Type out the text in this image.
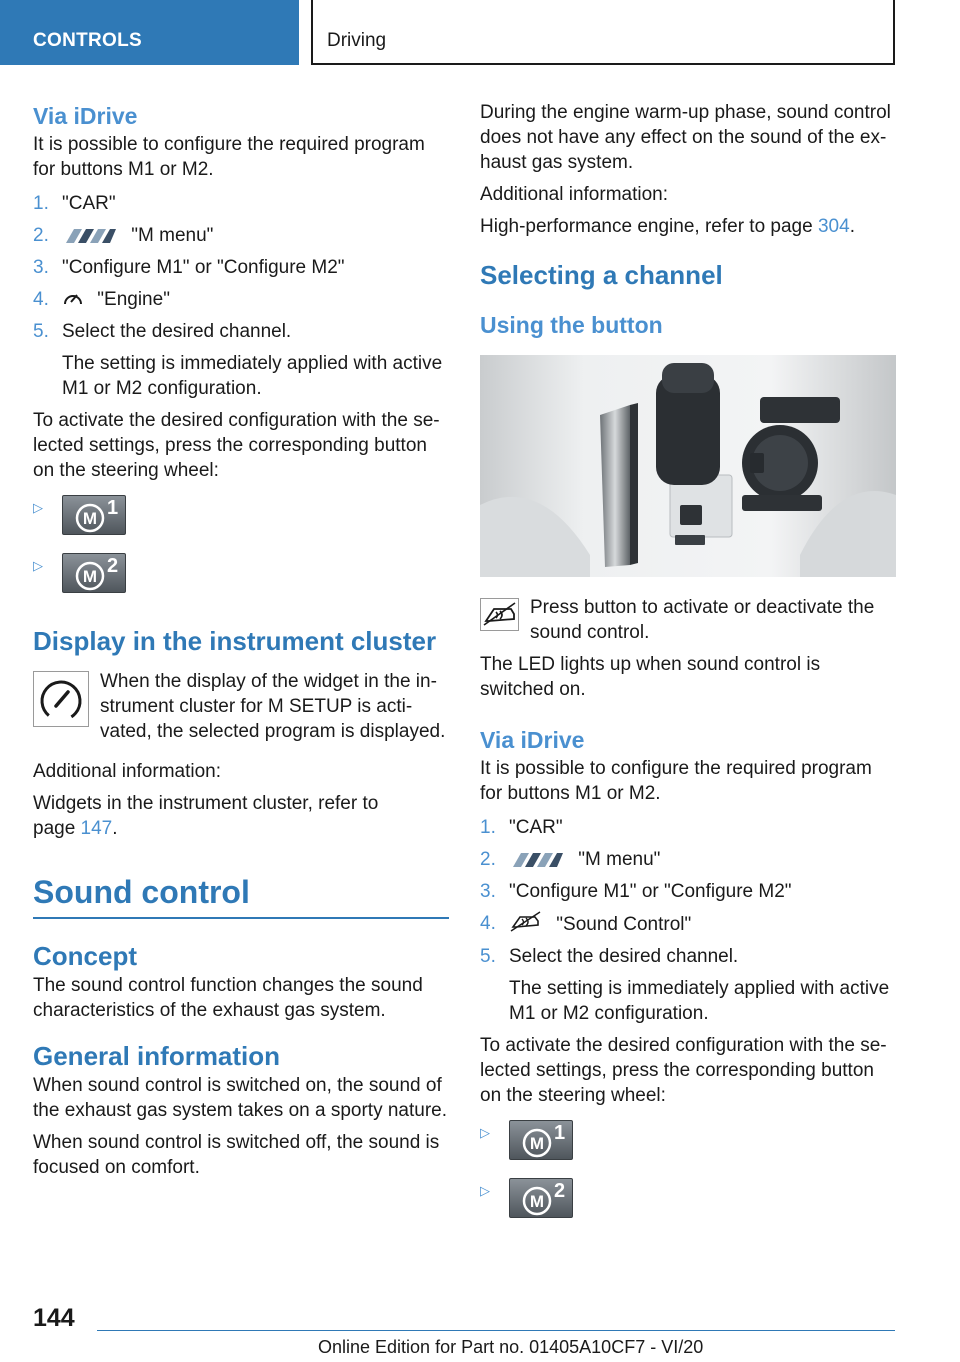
CONTROLS	Driving
Via iDrive

It is possible to configure the required program for buttons M1 or M2.

1. "CAR"
2.	"M menu"
3. "Configure M1" or "Configure M2"
4.	"Engine"
5. Select the desired channel.
The setting is immediately applied with active M1 or M2 configuration.

To activate the desired configuration with the se-lected settings, press the corresponding button on the steering wheel:

▷
M 1
▷
M 2
Display in the instrument cluster

When the display of the widget in the in-strument cluster for M SETUP is acti-vated, the selected program is displayed.

Additional information:

Widgets in the instrument cluster, refer to
page 147.

Sound control
Concept

The sound control function changes the sound characteristics of the exhaust gas system.

General information

When sound control is switched on, the sound of the exhaust gas system takes on a sporty nature.

When sound control is switched off, the sound is focused on comfort.

During the engine warm-up phase, sound control does not have any effect on the sound of the ex-haust gas system.

Additional information:

High-performance engine, refer to page 304.

Selecting a channel
Using the button

Press button to activate or deactivate the sound control.

The LED lights up when sound control is switched on.

Via iDrive

It is possible to configure the required program for buttons M1 or M2.

1. "CAR"
2.	"M menu"
3. "Configure M1" or "Configure M2"
4.	"Sound Control"
5. Select the desired channel.
The setting is immediately applied with active M1 or M2 configuration.

To activate the desired configuration with the se-lected settings, press the corresponding button on the steering wheel:

▷
M 1
▷
M 2
144
Online Edition for Part no. 01405A10CF7 - VI/20
